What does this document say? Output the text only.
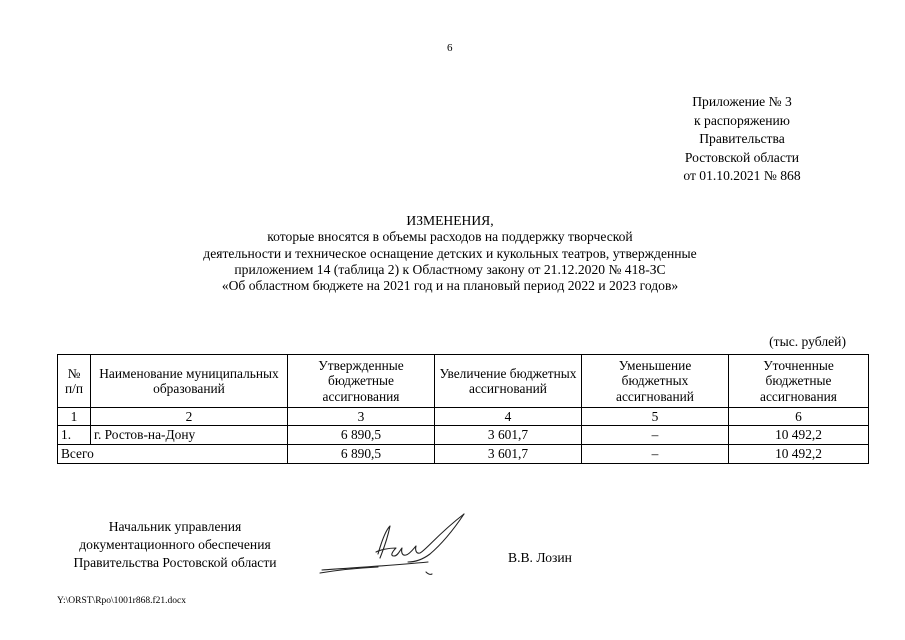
6
Приложение № 3
к распоряжению
Правительства
Ростовской области
от 01.10.2021 № 868
ИЗМЕНЕНИЯ,
которые вносятся в объемы расходов на поддержку творческой
деятельности и техническое оснащение детских и кукольных театров, утвержденные
приложением 14 (таблица 2) к Областному закону от 21.12.2020 № 418-ЗС
«Об областном бюджете на 2021 год и на плановый период 2022 и 2023 годов»
(тыс. рублей)
№ п/п	Наименование муниципальных образований	Утвержденные бюджетные ассигнования	Увеличение бюджетных ассигнований	Уменьшение бюджетных ассигнований	Уточненные бюджетные ассигнования
1	2	3	4	5	6
1.	г. Ростов-на-Дону	6 890,5	3 601,7	–	10 492,2
Всего		6 890,5	3 601,7	–	10 492,2
Начальник управления
документационного обеспечения
Правительства Ростовской области	В.В. Лозин
Y:\ORST\Rpo\1001r868.f21.docx
